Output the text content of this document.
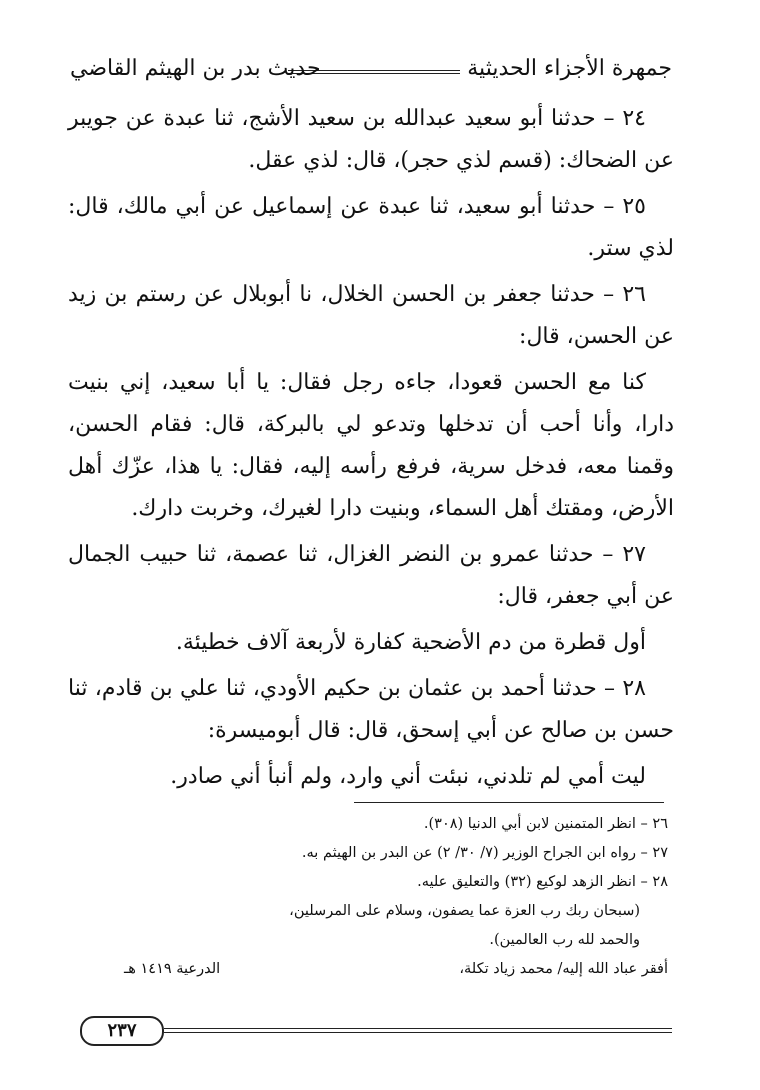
جمهرة الأجزاء الحديثية
حديث بدر بن الهيثم القاضي

٢٤ – حدثنا أبو سعيد عبدالله بن سعيد الأشج، ثنا عبدة عن جويبر عن الضحاك: (قسم لذي حجر)، قال: لذي عقل.

٢٥ – حدثنا أبو سعيد، ثنا عبدة عن إسماعيل عن أبي مالك، قال: لذي ستر.

٢٦ – حدثنا جعفر بن الحسن الخلال، نا أبوبلال عن رستم بن زيد عن الحسن، قال:

كنا مع الحسن قعودا، جاءه رجل فقال: يا أبا سعيد، إني بنيت دارا، وأنا أحب أن تدخلها وتدعو لي بالبركة، قال: فقام الحسن، وقمنا معه، فدخل سرية، فرفع رأسه إليه، فقال: يا هذا، عزّك أهل الأرض، ومقتك أهل السماء، وبنيت دارا لغيرك، وخربت دارك.

٢٧ – حدثنا عمرو بن النضر الغزال، ثنا عصمة، ثنا حبيب الجمال عن أبي جعفر، قال:

أول قطرة من دم الأضحية كفارة لأربعة آلاف خطيئة.

٢٨ – حدثنا أحمد بن عثمان بن حكيم الأودي، ثنا علي بن قادم، ثنا حسن بن صالح عن أبي إسحق، قال: قال أبوميسرة:

ليت أمي لم تلدني، نبئت أني وارد، ولم أنبأ أني صادر.

٢٦ – انظر المتمنين لابن أبي الدنيا (٣٠٨).

٢٧ – رواه ابن الجراح الوزير (٧/ ٣٠/ ٢) عن البدر بن الهيثم به.

٢٨ – انظر الزهد لوكيع (٣٢) والتعليق عليه.

(سبحان ربك رب العزة عما يصفون، وسلام على المرسلين،

والحمد لله رب العالمين).

أفقر عباد الله إليه/ محمد زياد تكلة،
الدرعية ١٤١٩ هـ
٢٣٧
